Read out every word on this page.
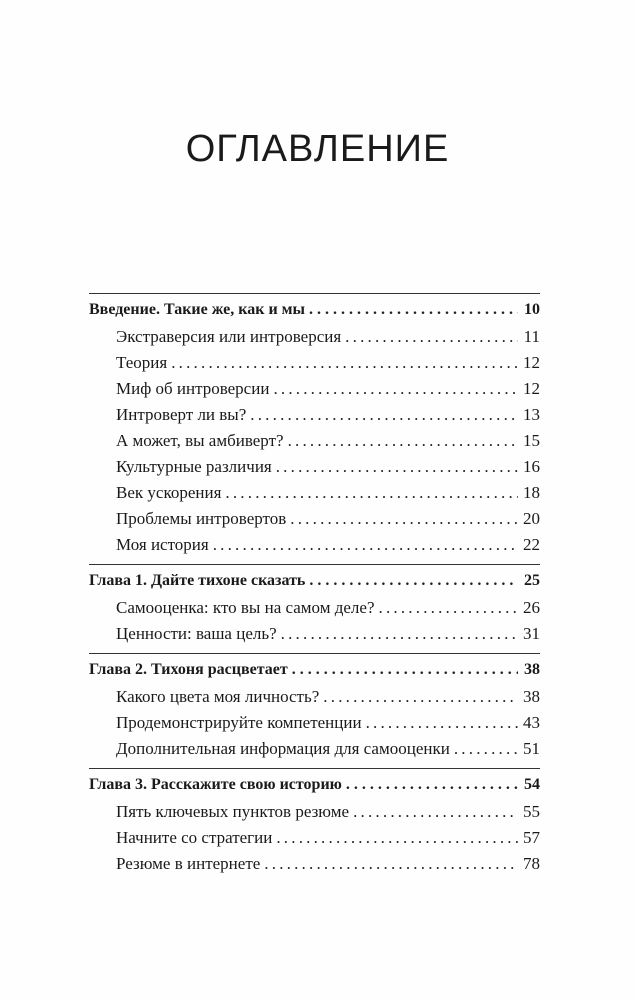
ОГЛАВЛЕНИЕ
Введение. Такие же, как и мы . . .	10
Экстраверсия или интроверсия .....	11
Теория .....	12
Миф об интроверсии .....	12
Интроверт ли вы? .....	13
А может, вы амбиверт? .....	15
Культурные различия .....	16
Век ускорения .....	18
Проблемы интровертов .....	20
Моя история .....	22
Глава 1. Дайте тихоне сказать . . .	25
Самооценка: кто вы на самом деле? .....	26
Ценности: ваша цель? .....	31
Глава 2. Тихоня расцветает . . .	38
Какого цвета моя личность? .....	38
Продемонстрируйте компетенции .....	43
Дополнительная информация для самооценки .....	51
Глава 3. Расскажите свою историю . . .	54
Пять ключевых пунктов резюме .....	55
Начните со стратегии .....	57
Резюме в интернете .....	78
